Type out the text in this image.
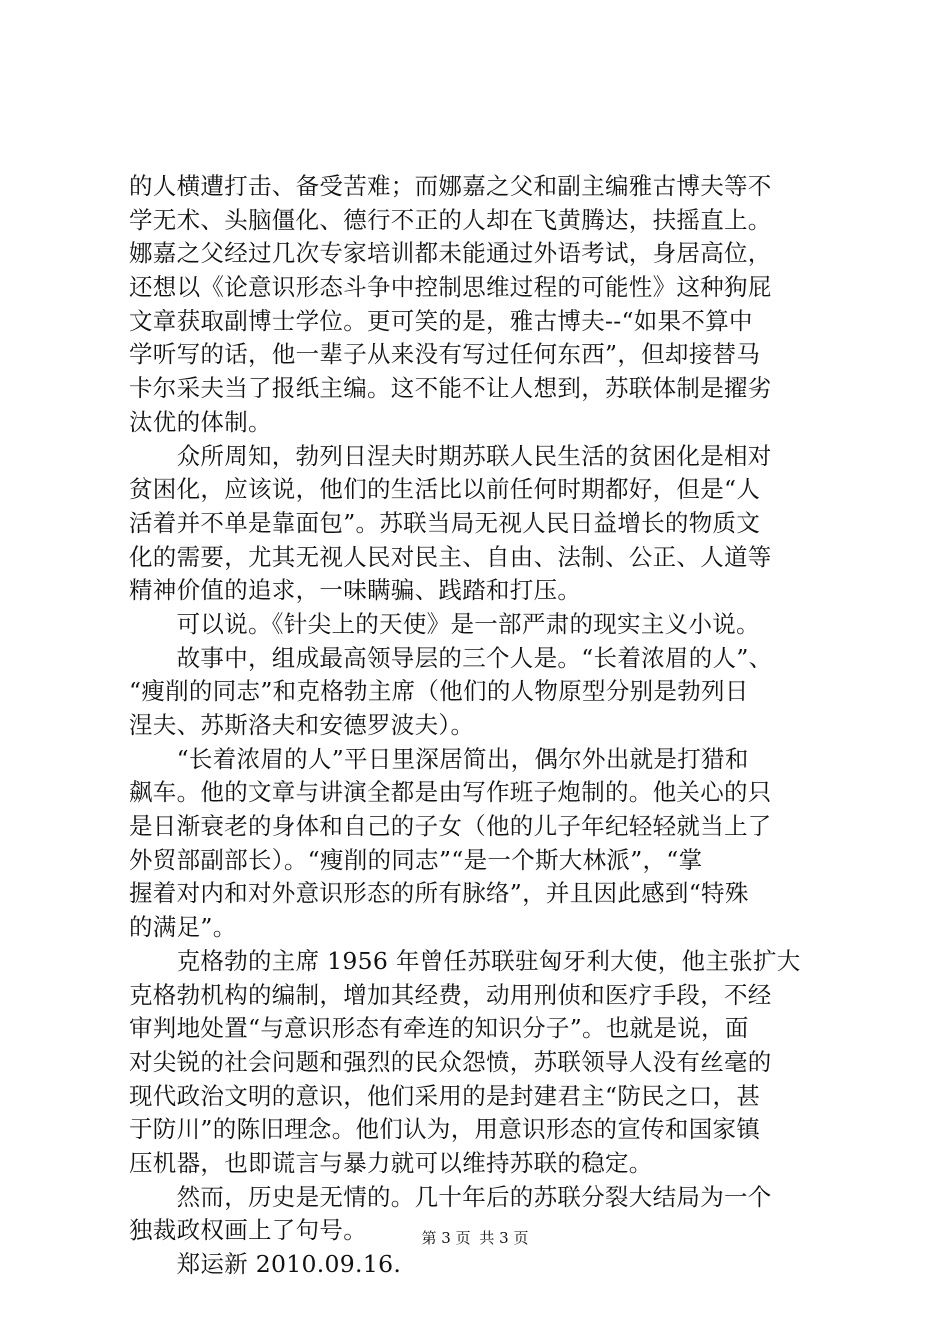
的人横遭打击、备受苦难；而娜嘉之父和副主编雅古博夫等不
学无术、头脑僵化、德行不正的人却在飞黄腾达，扶摇直上。
娜嘉之父经过几次专家培训都未能通过外语考试，身居高位，
还想以《论意识形态斗争中控制思维过程的可能性》这种狗屁
文章获取副博士学位。更可笑的是，雅古博夫--“如果不算中
学听写的话，他一辈子从来没有写过任何东西”，但却接替马
卡尔采夫当了报纸主编。这不能不让人想到，苏联体制是擢劣
汰优的体制。
　　众所周知，勃列日涅夫时期苏联人民生活的贫困化是相对
贫困化，应该说，他们的生活比以前任何时期都好，但是“人
活着并不单是靠面包”。苏联当局无视人民日益增长的物质文
化的需要，尤其无视人民对民主、自由、法制、公正、人道等
精神价值的追求，一味瞒骗、践踏和打压。
　　可以说。《针尖上的天使》是一部严肃的现实主义小说。
　　故事中，组成最高领导层的三个人是。“长着浓眉的人”、
“瘦削的同志”和克格勃主席（他们的人物原型分别是勃列日
涅夫、苏斯洛夫和安德罗波夫）。
　　“长着浓眉的人”平日里深居简出，偶尔外出就是打猎和
飙车。他的文章与讲演全都是由写作班子炮制的。他关心的只
是日渐衰老的身体和自己的子女（他的儿子年纪轻轻就当上了
外贸部副部长）。“瘦削的同志”“是一个斯大林派”，“掌
握着对内和对外意识形态的所有脉络”，并且因此感到“特殊
的满足”。
　　克格勃的主席 1956 年曾任苏联驻匈牙利大使，他主张扩大
克格勃机构的编制，增加其经费，动用刑侦和医疗手段，不经
审判地处置“与意识形态有牵连的知识分子”。也就是说，面
对尖锐的社会问题和强烈的民众怨愤，苏联领导人没有丝毫的
现代政治文明的意识，他们采用的是封建君主“防民之口，甚
于防川”的陈旧理念。他们认为，用意识形态的宣传和国家镇
压机器，也即谎言与暴力就可以维持苏联的稳定。
　　然而，历史是无情的。几十年后的苏联分裂大结局为一个
独裁政权画上了句号。
　　郑运新 2010.09.16.
第 3 页 共 3 页
